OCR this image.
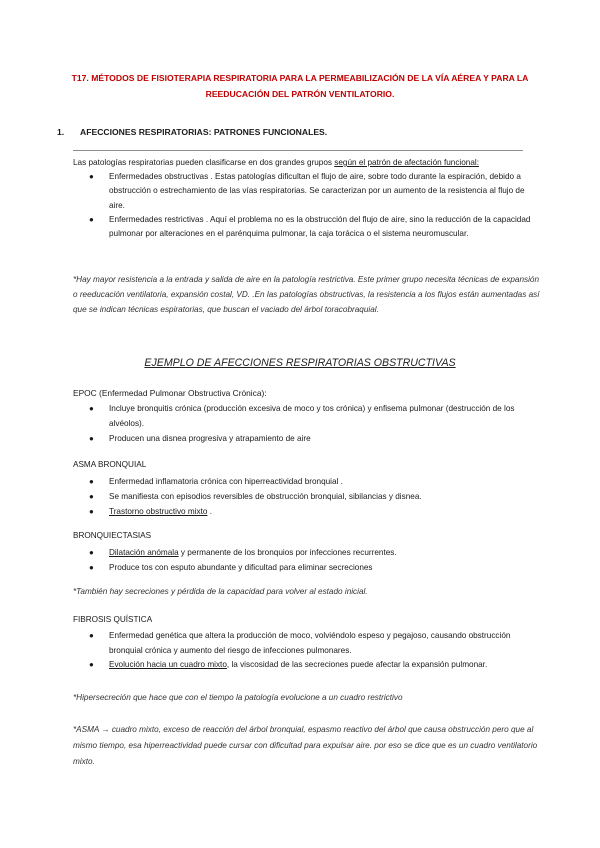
T17. MÉTODOS DE FISIOTERAPIA RESPIRATORIA PARA LA PERMEABILIZACIÓN DE LA VÍA AÉREA Y PARA LA
REEDUCACIÓN DEL PATRÓN VENTILATORIO.
1. AFECCIONES RESPIRATORIAS: PATRONES FUNCIONALES.
Las patologías respiratorias pueden clasificarse en dos grandes grupos según el patrón de afectación funcional:
● Enfermedades obstructivas . Estas patologías dificultan el flujo de aire, sobre todo durante la espiración, debido a obstrucción o estrechamiento de las vías respiratorias. Se caracterizan por un aumento de la resistencia al flujo de aire.
● Enfermedades restrictivas . Aquí el problema no es la obstrucción del flujo de aire, sino la reducción de la capacidad pulmonar por alteraciones en el parénquima pulmonar, la caja torácica o el sistema neuromuscular.
*Hay mayor resistencia a la entrada y salida de aire en la patología restrictiva. Este primer grupo necesita técnicas de expansión o reeducación ventilatoria, expansión costal, VD. .En las patologías obstructivas, la resistencia a los flujos están aumentadas así que se indican técnicas espiratorias, que buscan el vaciado del árbol toracobraquial.
EJEMPLO DE AFECCIONES RESPIRATORIAS OBSTRUCTIVAS
EPOC (Enfermedad Pulmonar Obstructiva Crónica):
● Incluye bronquitis crónica (producción excesiva de moco y tos crónica) y enfisema pulmonar (destrucción de los alvéolos).
● Producen una disnea progresiva y atrapamiento de aire
ASMA BRONQUIAL
● Enfermedad inflamatoria crónica con hiperreactividad bronquial .
● Se manifiesta con episodios reversibles de obstrucción bronquial, sibilancias y disnea.
● Trastorno obstructivo mixto .
BRONQUIECTASIAS
● Dilatación anómala y permanente de los bronquios por infecciones recurrentes.
● Produce tos con esputo abundante y dificultad para eliminar secreciones
*También hay secreciones y pérdida de la capacidad para volver al estado inicial.
FIBROSIS QUÍSTICA
● Enfermedad genética que altera la producción de moco, volviéndolo espeso y pegajoso, causando obstrucción bronquial crónica y aumento del riesgo de infecciones pulmonares.
● Evolución hacia un cuadro mixto, la viscosidad de las secreciones puede afectar la expansión pulmonar.
*Hipersecreción que hace que con el tiempo la patología evolucione a un cuadro restrictivo
*ASMA → cuadro mixto, exceso de reacción del árbol bronquial, espasmo reactivo del árbol que causa obstrucción pero que al mismo tiempo, esa hiperreactividad puede cursar con dificultad para expulsar aire. por eso se dice que es un cuadro ventilatorio mixto.
